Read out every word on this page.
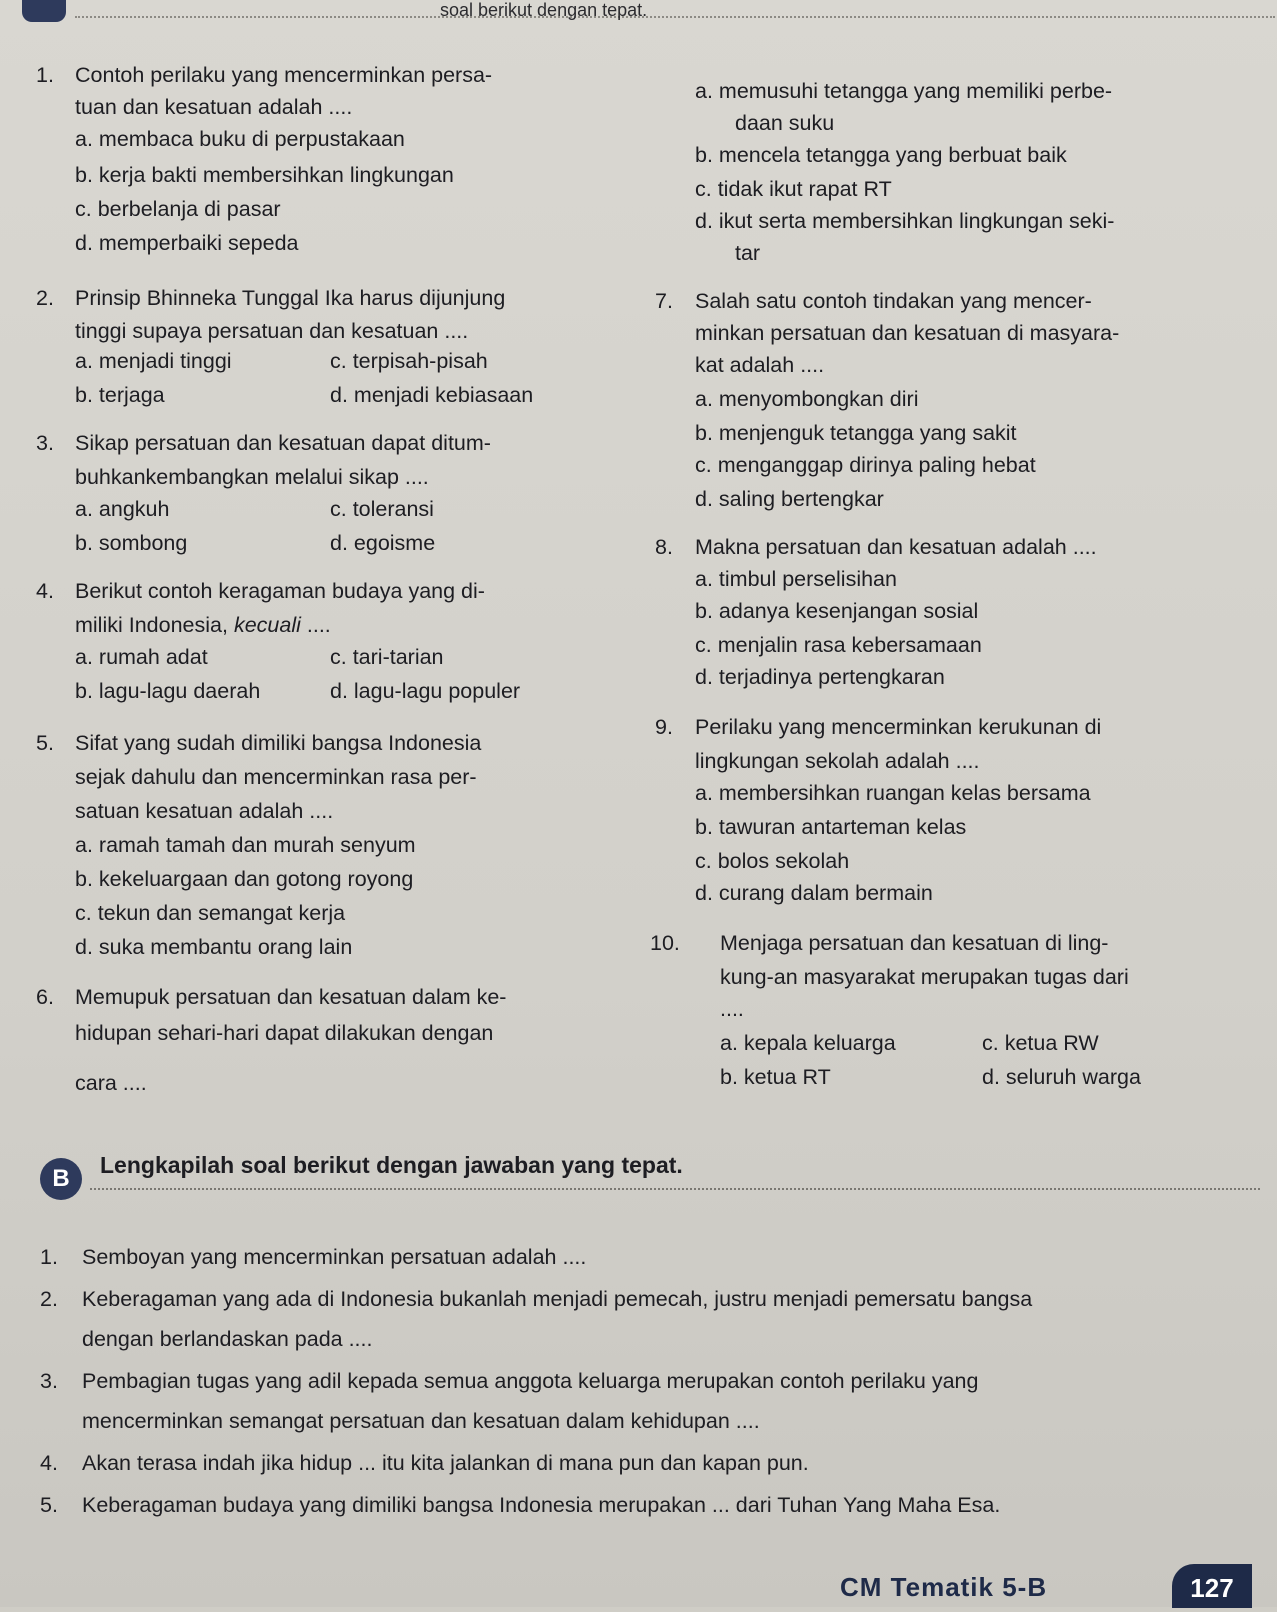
soal berikut dengan tepat.
1. Contoh perilaku yang mencerminkan persa-
tuan dan kesatuan adalah ....
a. membaca buku di perpustakaan
b. kerja bakti membersihkan lingkungan
c. berbelanja di pasar
d. memperbaiki sepeda
2. Prinsip Bhinneka Tunggal Ika harus dijunjung
tinggi supaya persatuan dan kesatuan ....
a. menjadi tinggi	c. terpisah-pisah
b. terjaga	d. menjadi kebiasaan
3. Sikap persatuan dan kesatuan dapat ditum-
buhkankembangkan melalui sikap ....
a. angkuh	c. toleransi
b. sombong	d. egoisme
4. Berikut contoh keragaman budaya yang di-
miliki Indonesia, kecuali ....
a. rumah adat	c. tari-tarian
b. lagu-lagu daerah	d. lagu-lagu populer
5. Sifat yang sudah dimiliki bangsa Indonesia
sejak dahulu dan mencerminkan rasa per-
satuan kesatuan adalah ....
a. ramah tamah dan murah senyum
b. kekeluargaan dan gotong royong
c. tekun dan semangat kerja
d. suka membantu orang lain
6. Memupuk persatuan dan kesatuan dalam ke-
hidupan sehari-hari dapat dilakukan dengan
cara ....
a. memusuhi tetangga yang memiliki perbe-
daan suku
b. mencela tetangga yang berbuat baik
c. tidak ikut rapat RT
d. ikut serta membersihkan lingkungan seki-
tar
7. Salah satu contoh tindakan yang mencer-
minkan persatuan dan kesatuan di masyara-
kat adalah ....
a. menyombongkan diri
b. menjenguk tetangga yang sakit
c. menganggap dirinya paling hebat
d. saling bertengkar
8. Makna persatuan dan kesatuan adalah ....
a. timbul perselisihan
b. adanya kesenjangan sosial
c. menjalin rasa kebersamaan
d. terjadinya pertengkaran
9. Perilaku yang mencerminkan kerukunan di
lingkungan sekolah adalah ....
a. membersihkan ruangan kelas bersama
b. tawuran antarteman kelas
c. bolos sekolah
d. curang dalam bermain
10. Menjaga persatuan dan kesatuan di ling-
kung-an masyarakat merupakan tugas dari
....
a. kepala keluarga	c. ketua RW
b. ketua RT	d. seluruh warga
B	Lengkapilah soal berikut dengan jawaban yang tepat.
1. Semboyan yang mencerminkan persatuan adalah ....
2. Keberagaman yang ada di Indonesia bukanlah menjadi pemecah, justru menjadi pemersatu bangsa
dengan berlandaskan pada ....
3. Pembagian tugas yang adil kepada semua anggota keluarga merupakan contoh perilaku yang
mencerminkan semangat persatuan dan kesatuan dalam kehidupan ....
4. Akan terasa indah jika hidup ... itu kita jalankan di mana pun dan kapan pun.
5. Keberagaman budaya yang dimiliki bangsa Indonesia merupakan ... dari Tuhan Yang Maha Esa.
CM Tematik 5-B	127
